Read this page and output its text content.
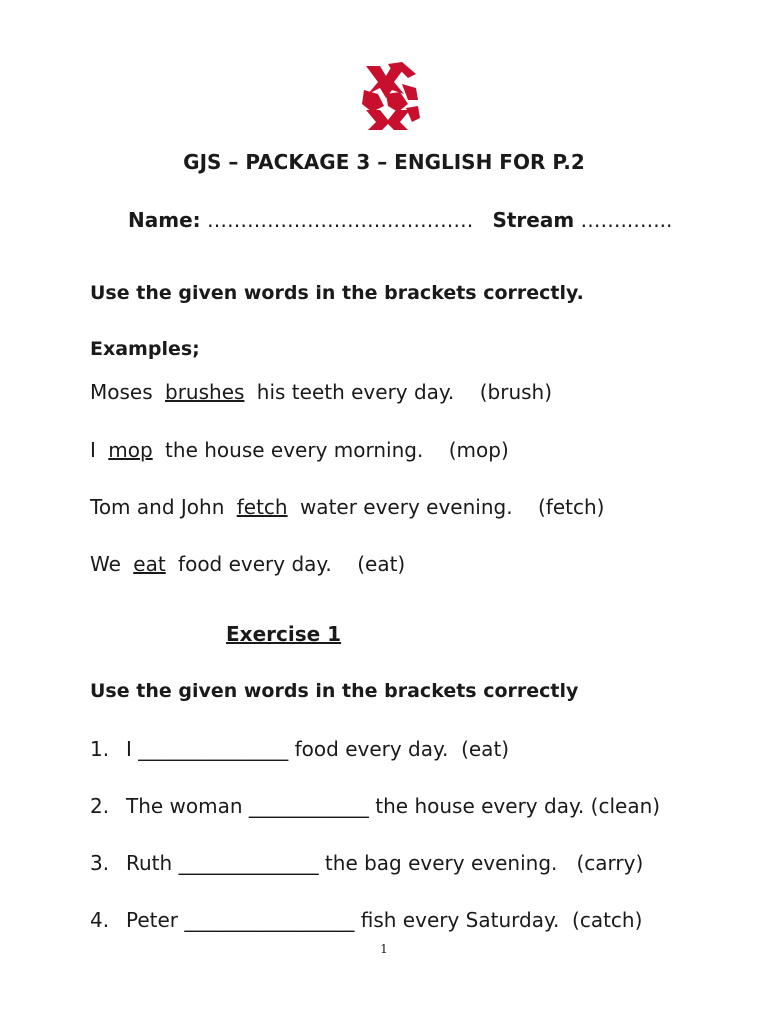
GJS – PACKAGE 3 – ENGLISH FOR P.2
Name: ……………………….………… Stream ……..…...
Use the given words in the brackets correctly.
Examples;
Moses brushes his teeth every day. (brush)
I mop the house every morning. (mop)
Tom and John fetch water every evening. (fetch)
We eat food every day. (eat)
Exercise 1
Use the given words in the brackets correctly
1. I _______________ food every day. (eat)
2. The woman ____________ the house every day. (clean)
3. Ruth ______________ the bag every evening. (carry)
4. Peter _________________ fish every Saturday. (catch)
1
